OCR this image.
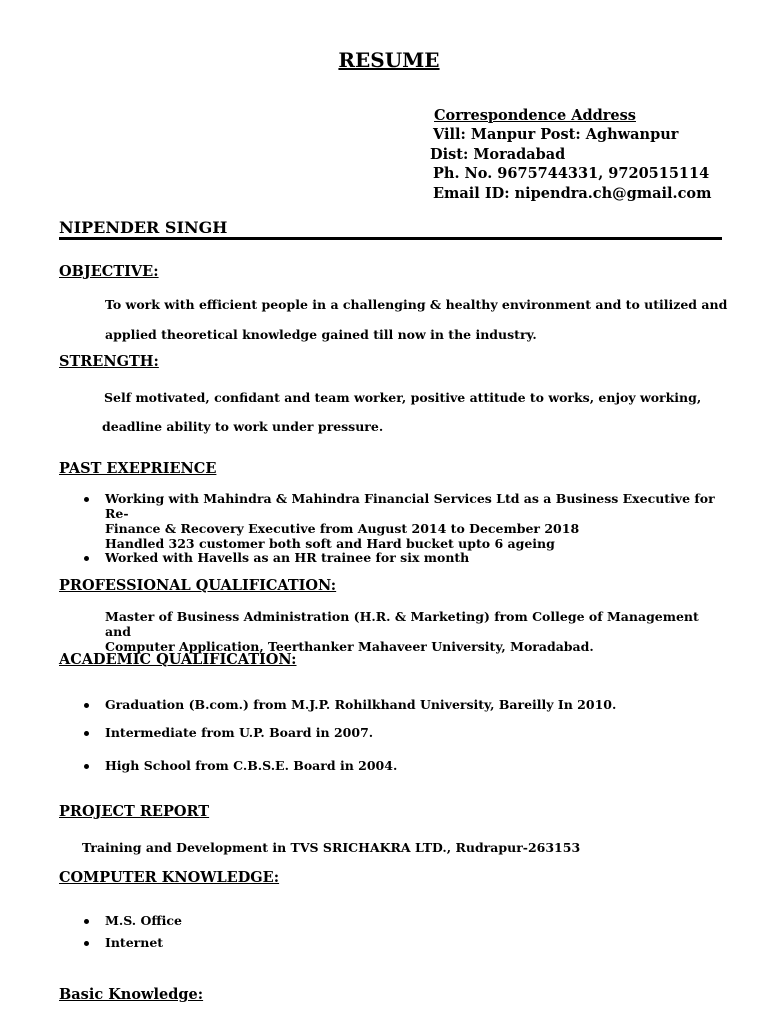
RESUME
Correspondence Address
Vill: Manpur Post: Aghwanpur
Dist: Moradabad
Ph. No. 9675744331, 9720515114
Email ID: nipendra.ch@gmail.com
NIPENDER SINGH
OBJECTIVE:
To work with efficient people in a challenging & healthy environment and to utilized and
applied theoretical knowledge gained till now in the industry.
STRENGTH:
Self motivated, confidant and team worker, positive attitude to works, enjoy working,
deadline ability to work under pressure.
PAST EXEPRIENCE
Working with Mahindra & Mahindra Financial Services Ltd as a Business Executive for Re-
Finance & Recovery Executive from August 2014 to December 2018
Handled 323 customer both soft and Hard bucket upto 6 ageing
Worked with Havells as an HR trainee for six month
PROFESSIONAL QUALIFICATION:
Master of Business Administration (H.R. & Marketing) from College of Management and
Computer Application, Teerthanker Mahaveer University, Moradabad.
ACADEMIC QUALIFICATION:
Graduation (B.com.) from M.J.P. Rohilkhand University, Bareilly In 2010.
Intermediate from U.P. Board in 2007.
High School from C.B.S.E. Board in 2004.
PROJECT REPORT
Training and Development in TVS SRICHAKRA LTD., Rudrapur-263153
COMPUTER KNOWLEDGE:
M.S. Office
Internet
Basic Knowledge:
